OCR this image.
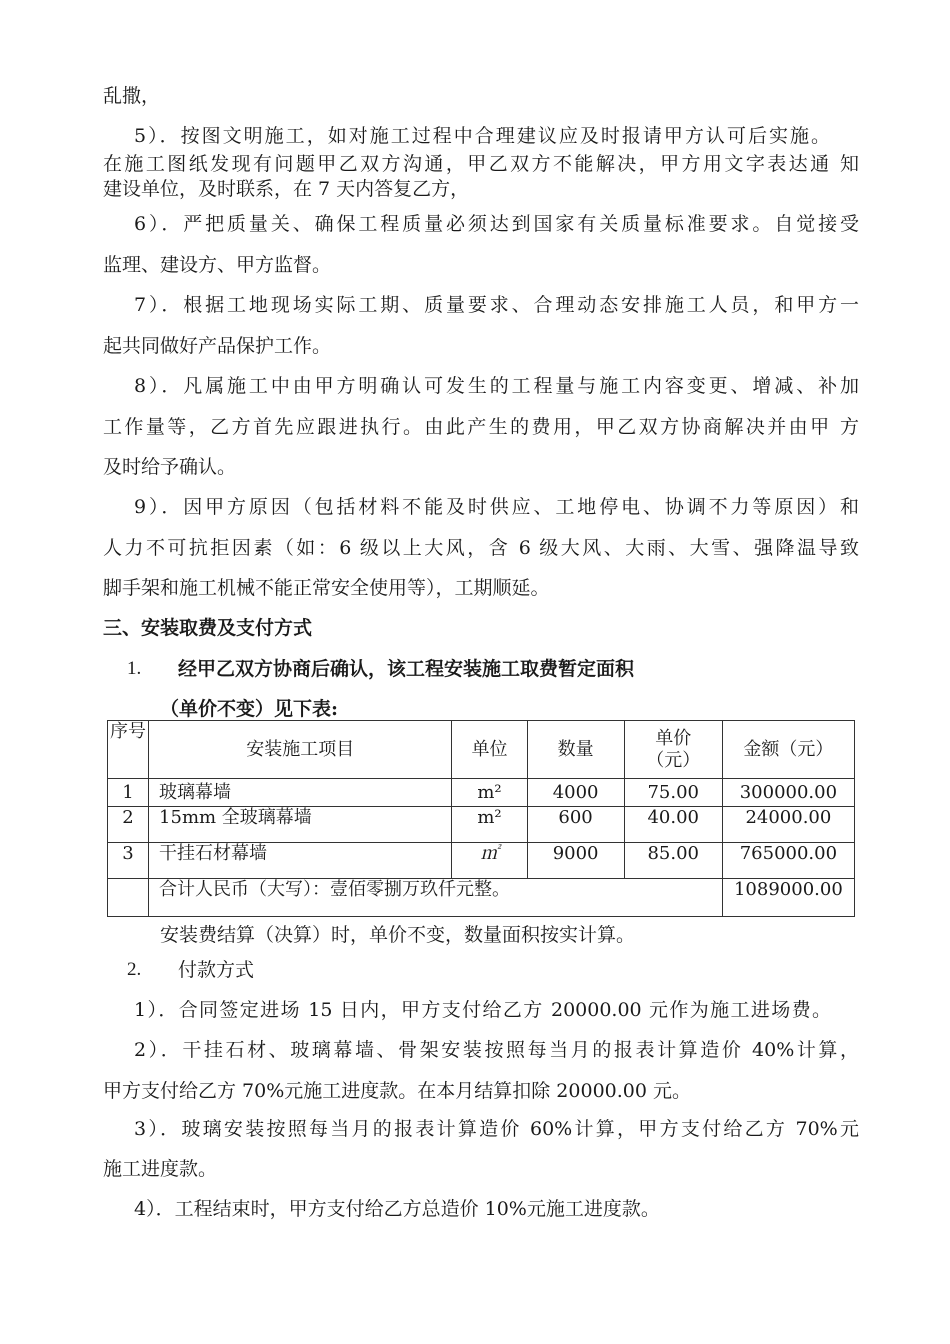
乱撒，
5）．按图文明施工，如对施工过程中合理建议应及时报请甲方认可后实施。
在施工图纸发现有问题甲乙双方沟通，甲乙双方不能解决，甲方用文字表达通 知
建设单位，及时联系，在 7 天内答复乙方，
6）．严把质量关、确保工程质量必须达到国家有关质量标准要求。自觉接受
监理、建设方、甲方监督。
7）．根据工地现场实际工期、质量要求、合理动态安排施工人员，和甲方一
起共同做好产品保护工作。
8）．凡属施工中由甲方明确认可发生的工程量与施工内容变更、增减、补加
工作量等，乙方首先应跟进执行。由此产生的费用，甲乙双方协商解决并由甲 方
及时给予确认。
9）．因甲方原因（包括材料不能及时供应、工地停电、协调不力等原因）和
人力不可抗拒因素（如：6 级以上大风，含 6 级大风、大雨、大雪、强降温导致
脚手架和施工机械不能正常安全使用等），工期顺延。
三、安装取费及支付方式
1. 经甲乙双方协商后确认，该工程安装施工取费暂定面积
（单价不变）见下表:
序号	安装施工项目	单位	数量	单价（元）	金额（元）
1	玻璃幕墙	m²	4000	75.00	300000.00
2	15mm 全玻璃幕墙	m²	600	40.00	24000.00
3	干挂石材幕墙	㎡	9000	85.00	765000.00
	合计人民币（大写）：壹佰零捌万玖仟元整。				1089000.00
安装费结算（决算）时，单价不变，数量面积按实计算。
2. 付款方式
1）．合同签定进场 15 日内，甲方支付给乙方 20000.00 元作为施工进场费。
2）．干挂石材、玻璃幕墙、骨架安装按照每当月的报表计算造价 40%计算，
甲方支付给乙方 70%元施工进度款。在本月结算扣除 20000.00 元。
3）．玻璃安装按照每当月的报表计算造价 60%计算，甲方支付给乙方 70%元
施工进度款。
4）．工程结束时，甲方支付给乙方总造价 10%元施工进度款。
